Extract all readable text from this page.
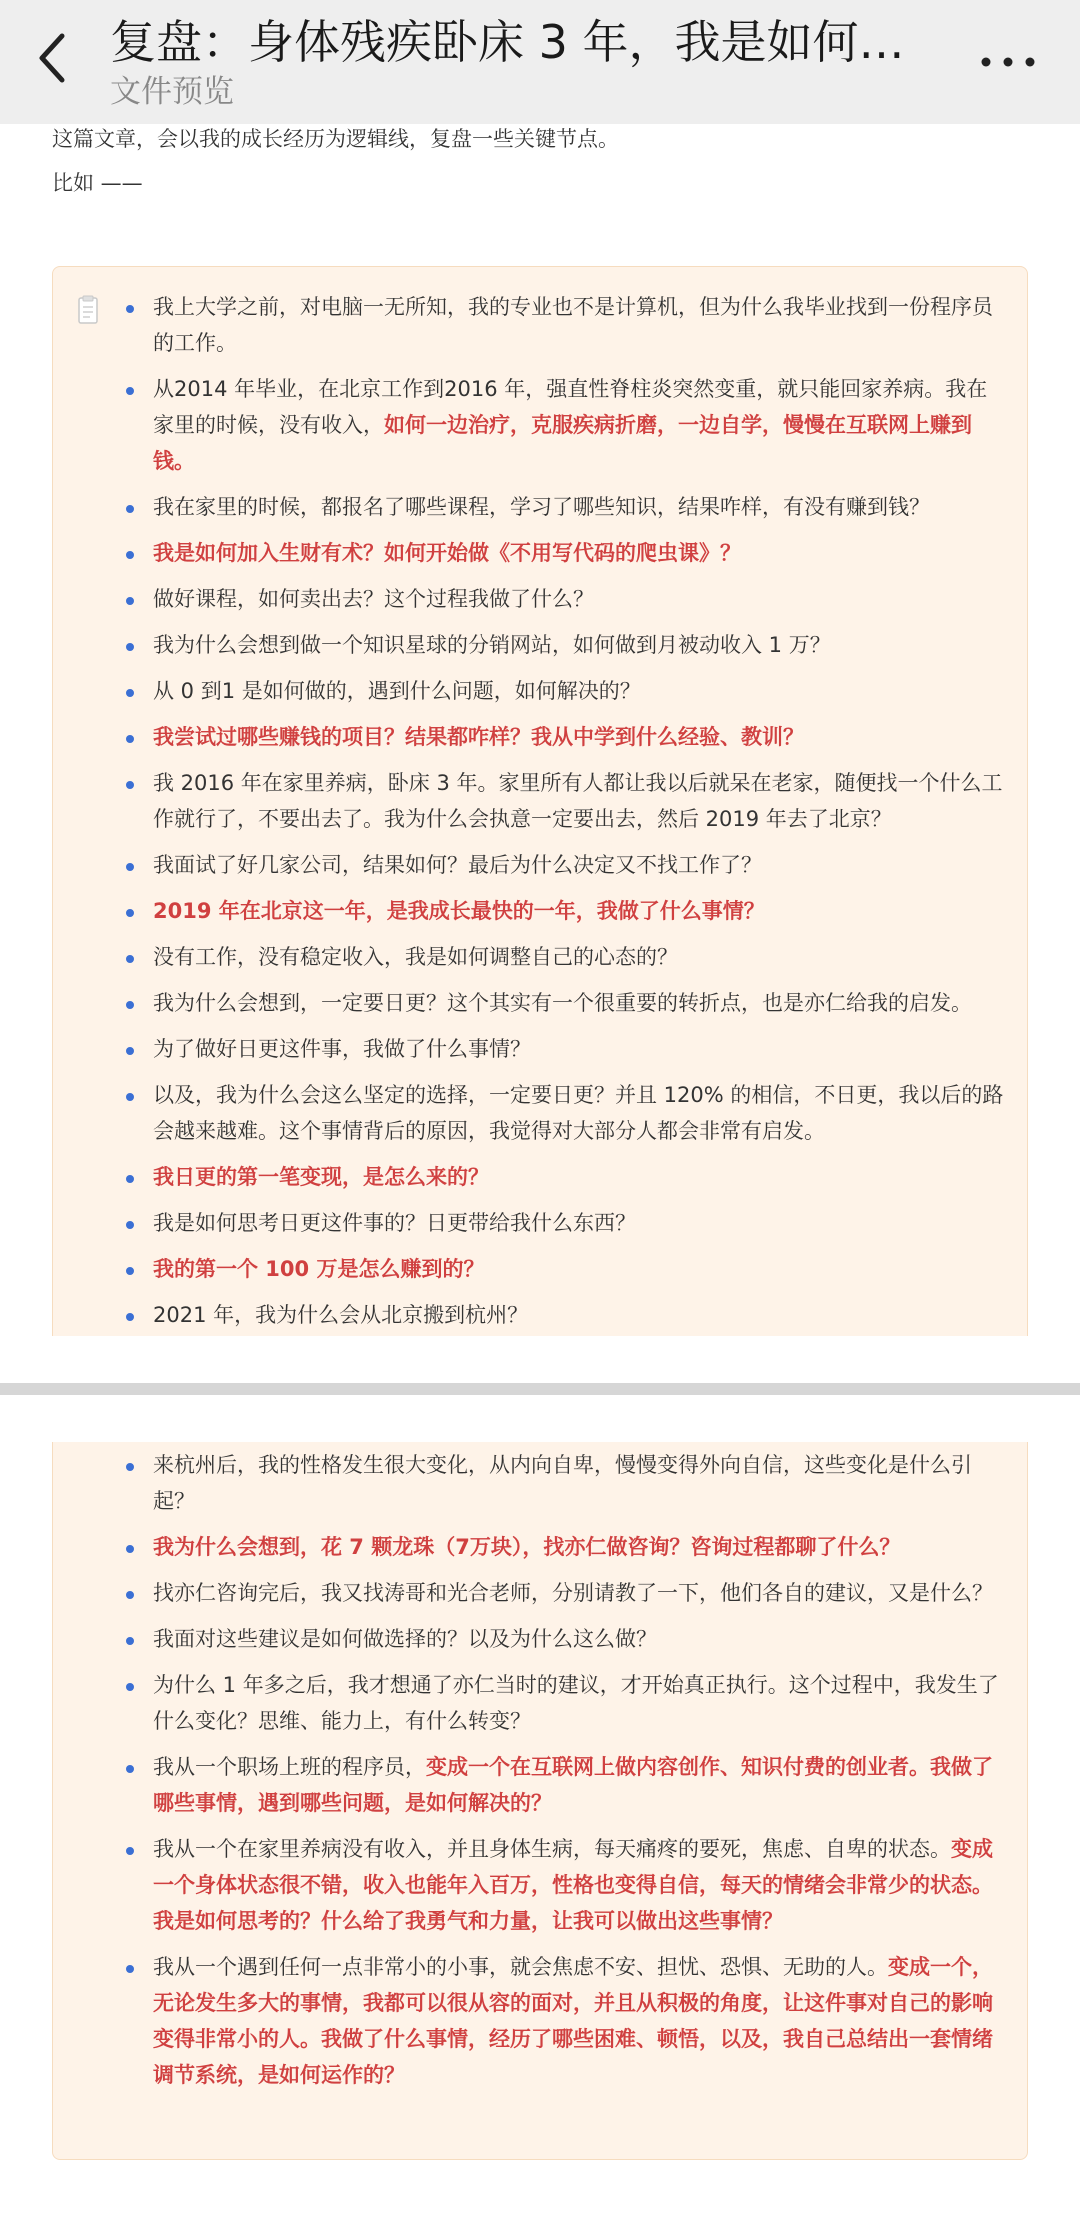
复盘：身体残疾卧床 3 年，我是如何…
文件预览
这篇文章，会以我的成长经历为逻辑线，复盘一些关键节点。
比如 ——
我上大学之前，对电脑一无所知，我的专业也不是计算机，但为什么我毕业找到一份程序员的工作。
从2014 年毕业，在北京工作到2016 年，强直性脊柱炎突然变重，就只能回家养病。我在家里的时候，没有收入，如何一边治疗，克服疾病折磨，一边自学，慢慢在互联网上赚到钱。
我在家里的时候，都报名了哪些课程，学习了哪些知识，结果咋样，有没有赚到钱？
我是如何加入生财有术？如何开始做《不用写代码的爬虫课》？
做好课程，如何卖出去？这个过程我做了什么？
我为什么会想到做一个知识星球的分销网站，如何做到月被动收入 1 万？
从 0 到1 是如何做的，遇到什么问题，如何解决的？
我尝试过哪些赚钱的项目？结果都咋样？我从中学到什么经验、教训？
我 2016 年在家里养病，卧床 3 年。家里所有人都让我以后就呆在老家，随便找一个什么工作就行了，不要出去了。我为什么会执意一定要出去，然后 2019 年去了北京？
我面试了好几家公司，结果如何？最后为什么决定又不找工作了？
2019 年在北京这一年，是我成长最快的一年，我做了什么事情？
没有工作，没有稳定收入，我是如何调整自己的心态的？
我为什么会想到，一定要日更？这个其实有一个很重要的转折点，也是亦仁给我的启发。
为了做好日更这件事，我做了什么事情？
以及，我为什么会这么坚定的选择，一定要日更？并且 120% 的相信，不日更，我以后的路会越来越难。这个事情背后的原因，我觉得对大部分人都会非常有启发。
我日更的第一笔变现，是怎么来的？
我是如何思考日更这件事的？日更带给我什么东西？
我的第一个 100 万是怎么赚到的？
2021 年，我为什么会从北京搬到杭州？
来杭州后，我的性格发生很大变化，从内向自卑，慢慢变得外向自信，这些变化是什么引起？
我为什么会想到，花 7 颗龙珠（7万块），找亦仁做咨询？咨询过程都聊了什么？
找亦仁咨询完后，我又找涛哥和光合老师，分别请教了一下，他们各自的建议，又是什么？
我面对这些建议是如何做选择的？以及为什么这么做？
为什么 1 年多之后，我才想通了亦仁当时的建议，才开始真正执行。这个过程中，我发生了什么变化？思维、能力上，有什么转变？
我从一个职场上班的程序员，变成一个在互联网上做内容创作、知识付费的创业者。我做了哪些事情，遇到哪些问题，是如何解决的？
我从一个在家里养病没有收入，并且身体生病，每天痛疼的要死，焦虑、自卑的状态。变成一个身体状态很不错，收入也能年入百万，性格也变得自信，每天的情绪会非常少的状态。我是如何思考的？什么给了我勇气和力量，让我可以做出这些事情？
我从一个遇到任何一点非常小的小事，就会焦虑不安、担忧、恐惧、无助的人。变成一个，无论发生多大的事情，我都可以很从容的面对，并且从积极的角度，让这件事对自己的影响变得非常小的人。我做了什么事情，经历了哪些困难、顿悟，以及，我自己总结出一套情绪调节系统，是如何运作的？
